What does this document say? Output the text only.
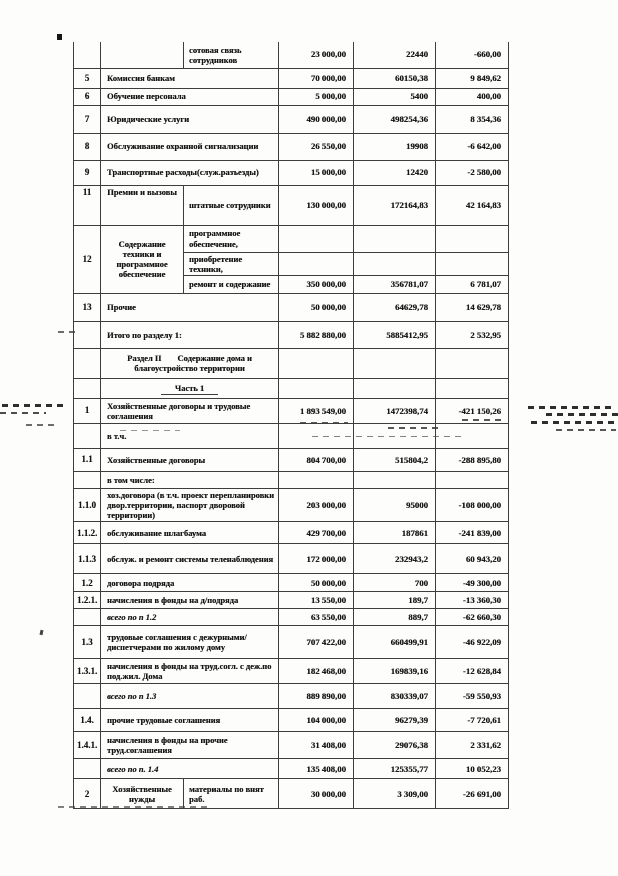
		сотовая связь сотрудников	23 000,00	22440	-660,00
5	Комиссия банкам		70 000,00	60150,38	9 849,62
6	Обучение персонала		5 000,00	5400	400,00
7	Юридические услуги		490 000,00	498254,36	8 354,36
8	Обслуживание охранной сигнализации		26 550,00	19908	-6 642,00
9	Транспортные расходы(служ.разъезды)		15 000,00	12420	-2 580,00
11	Премии и вызовы	штатные сотрудники	130 000,00	172164,83	42 164,83
12	Содержание техники и программное обеспечение	программное обеспечение,			
		приобретение техники,			
		ремонт и содержание	350 000,00	356781,07	6 781,07
13	Прочие		50 000,00	64629,78	14 629,78
	Итого по разделу 1:		5 882 880,00	5885412,95	2 532,95
	Раздел II Содержание дома и благоустройство территории				
	Часть 1				
1	Хозяйственные договоры и трудовые соглашения		1 893 549,00	1472398,74	-421 150,26
	в т.ч.				
1.1	Хозяйственные договоры		804 700,00	515804,2	-288 895,80
	в том числе:				
1.1.0	хоз.договора (в т.ч. проект перепланировки двор.территории, паспорт дворовой территории)		203 000,00	95000	-108 000,00
1.1.2.	обслуживание шлагбаума		429 700,00	187861	-241 839,00
1.1.3	обслуж. и ремонт системы теленаблюдения		172 000,00	232943,2	60 943,20
1.2	договора подряда		50 000,00	700	-49 300,00
1.2.1.	начисления в фонды на д/подряда		13 550,00	189,7	-13 360,30
	всего по п 1.2		63 550,00	889,7	-62 660,30
1.3	трудовые соглашения с дежурными/диспетчерами по жилому дому		707 422,00	660499,91	-46 922,09
1.3.1.	начисления в фонды на труд.согл. с деж.по под.жил. Дома		182 468,00	169839,16	-12 628,84
	всего по п 1.3		889 890,00	830339,07	-59 550,93
1.4.	прочие трудовые соглашения		104 000,00	96279,39	-7 720,61
1.4.1.	начисления в фонды на прочие труд.соглашения		31 408,00	29076,38	2 331,62
	всего по п. 1.4		135 408,00	125355,77	10 052,23
2	Хозяйственные нужды	материалы по внят раб.	30 000,00	3 309,00	-26 691,00
